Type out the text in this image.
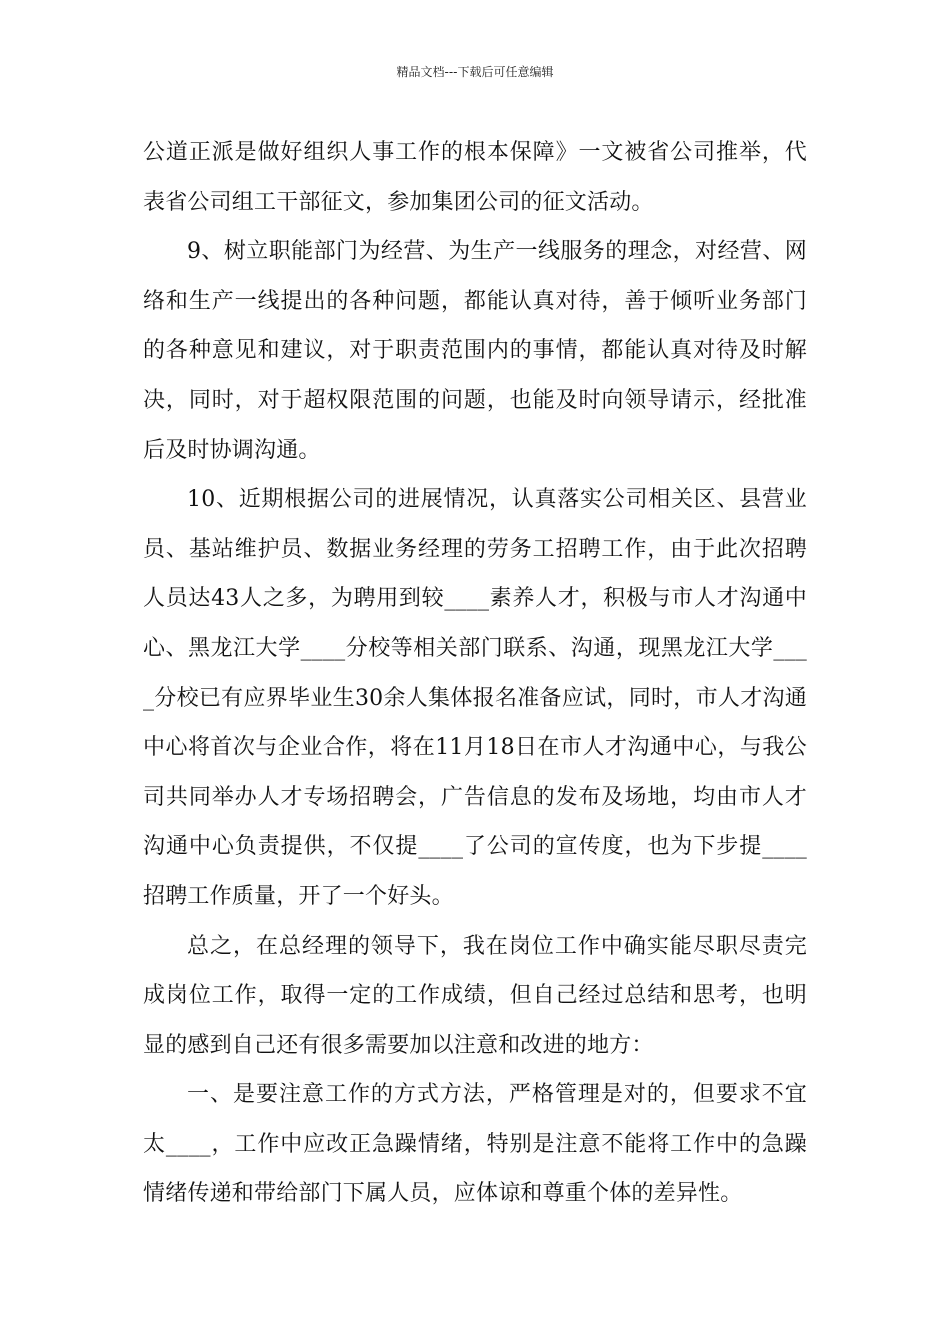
精品文档---下载后可任意编辑

公道正派是做好组织人事工作的根本保障》一文被省公司推举，代表省公司组工干部征文，参加集团公司的征文活动。

9、树立职能部门为经营、为生产一线服务的理念，对经营、网络和生产一线提出的各种问题，都能认真对待，善于倾听业务部门的各种意见和建议，对于职责范围内的事情，都能认真对待及时解决，同时，对于超权限范围的问题，也能及时向领导请示，经批准后及时协调沟通。

10、近期根据公司的进展情况，认真落实公司相关区、县营业员、基站维护员、数据业务经理的劳务工招聘工作，由于此次招聘人员达43人之多，为聘用到较____素养人才，积极与市人才沟通中心、黑龙江大学____分校等相关部门联系、沟通，现黑龙江大学____分校已有应界毕业生30余人集体报名准备应试，同时，市人才沟通中心将首次与企业合作，将在11月18日在市人才沟通中心，与我公司共同举办人才专场招聘会，广告信息的发布及场地，均由市人才沟通中心负责提供，不仅提____了公司的宣传度，也为下步提____招聘工作质量，开了一个好头。

总之，在总经理的领导下，我在岗位工作中确实能尽职尽责完成岗位工作，取得一定的工作成绩，但自己经过总结和思考，也明显的感到自己还有很多需要加以注意和改进的地方：

一、是要注意工作的方式方法，严格管理是对的，但要求不宜太____，工作中应改正急躁情绪，特别是注意不能将工作中的急躁情绪传递和带给部门下属人员，应体谅和尊重个体的差异性。
